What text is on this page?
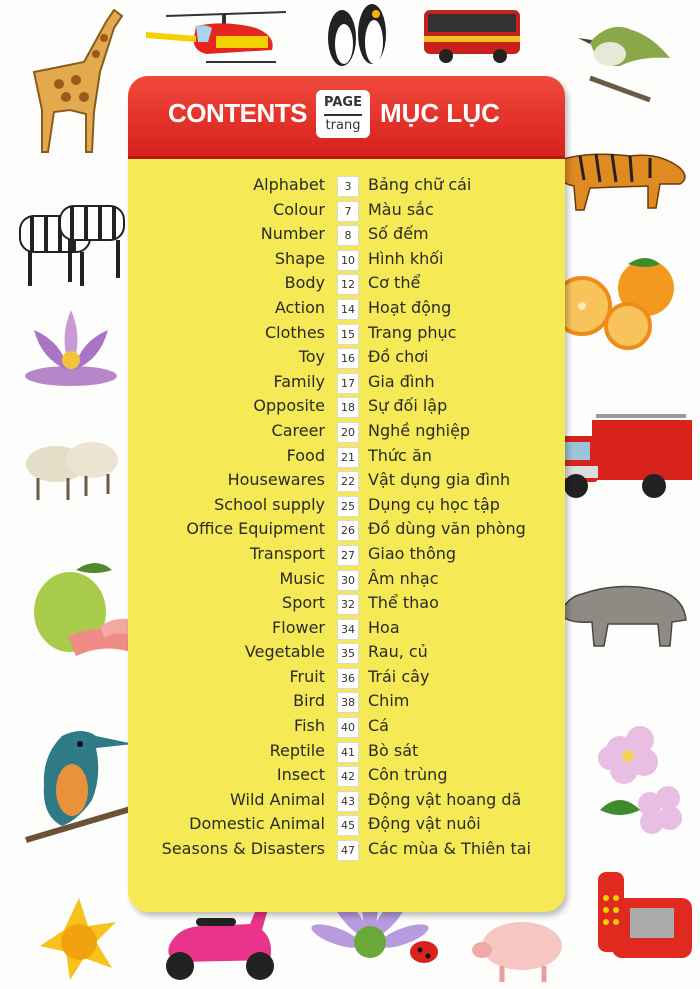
CONTENTS	PAGE
trang MỤC LỤC
Alphabet	3	Bảng chữ cái
Colour	7	Màu sắc
Number	8	Số đếm
Shape	10 Hình khối
Body	12 Cơ thể
Action	14 Hoạt động
Clothes	15 Trang phục
Toy	16 Đồ chơi
Family	17 Gia đình
Opposite	18 Sự đối lập
Career	20 Nghề nghiệp
Food	21 Thức ăn
Housewares	22 Vật dụng gia đình
School supply	25 Dụng cụ học tập
Office Equipment	26 Đồ dùng văn phòng
Transport	27 Giao thông
Music	30 Âm nhạc
Sport	32 Thể thao
Flower	34 Hoa
Vegetable	35 Rau, củ
Fruit	36 Trái cây
Bird	38 Chim
Fish	40 Cá
Reptile	41 Bò sát
Insect	42 Côn trùng
Wild Animal	43 Động vật hoang dã
Domestic Animal	45 Động vật nuôi
Seasons & Disasters	47 Các mùa & Thiên tai
